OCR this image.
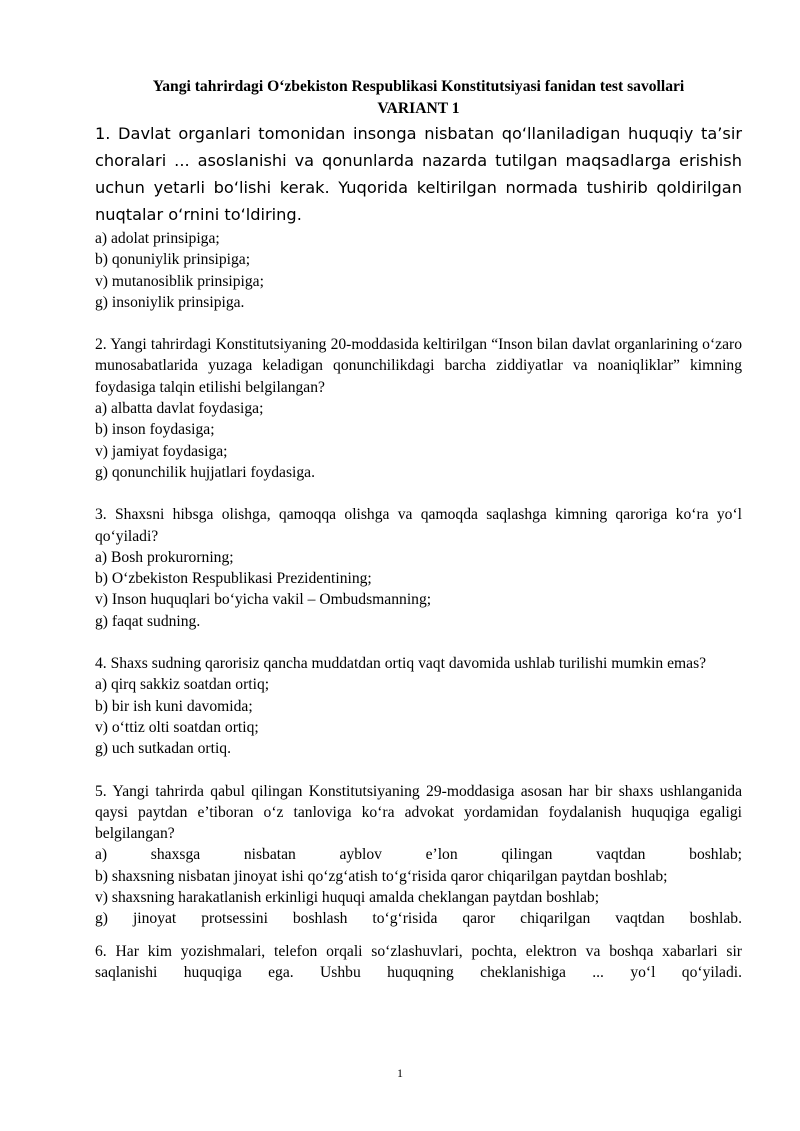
Yangi tahrirdagi O‘zbekiston Respublikasi Konstitutsiyasi fanidan test savollari

VARIANT 1

1. Davlat organlari tomonidan insonga nisbatan qo‘llaniladigan huquqiy ta’sir choralari ... asoslanishi va qonunlarda nazarda tutilgan maqsadlarga erishish uchun yetarli bo‘lishi kerak. Yuqorida keltirilgan normada tushirib qoldirilgan nuqtalar o‘rnini to‘ldiring.

a) adolat prinsipiga;

b) qonuniylik prinsipiga;

v) mutanosiblik prinsipiga;

g) insoniylik prinsipiga.

2. Yangi tahrirdagi Konstitutsiyaning 20-moddasida keltirilgan “Inson bilan davlat organlarining o‘zaro munosabatlarida yuzaga keladigan qonunchilikdagi barcha ziddiyatlar va noaniqliklar” kimning foydasiga talqin etilishi belgilangan?

a) albatta davlat foydasiga;

b) inson foydasiga;

v) jamiyat foydasiga;

g) qonunchilik hujjatlari foydasiga.

3. Shaxsni hibsga olishga, qamoqqa olishga va qamoqda saqlashga kimning qaroriga ko‘ra yo‘l qo‘yiladi?

a) Bosh prokurorning;

b) O‘zbekiston Respublikasi Prezidentining;

v) Inson huquqlari bo‘yicha vakil – Ombudsmanning;

g) faqat sudning.

4. Shaxs sudning qarorisiz qancha muddatdan ortiq vaqt davomida ushlab turilishi mumkin emas?

a) qirq sakkiz soatdan ortiq;

b) bir ish kuni davomida;

v) o‘ttiz olti soatdan ortiq;

g) uch sutkadan ortiq.

5. Yangi tahrirda qabul qilingan Konstitutsiyaning 29-moddasiga asosan har bir shaxs ushlanganida qaysi paytdan e’tiboran o‘z tanloviga ko‘ra advokat yordamidan foydalanish huquqiga egaligi belgilangan?

a) shaxsga nisbatan ayblov e’lon qilingan vaqtdan boshlab;

b) shaxsning nisbatan jinoyat ishi qo‘zg‘atish to‘g‘risida qaror chiqarilgan paytdan boshlab;

v) shaxsning harakatlanish erkinligi huquqi amalda cheklangan paytdan boshlab;

g) jinoyat protsessini boshlash to‘g‘risida qaror chiqarilgan vaqtdan boshlab.

6. Har kim yozishmalari, telefon orqali so‘zlashuvlari, pochta, elektron va boshqa xabarlari sir saqlanishi huquqiga ega. Ushbu huquqning cheklanishiga ... yo‘l qo‘yiladi.

1
